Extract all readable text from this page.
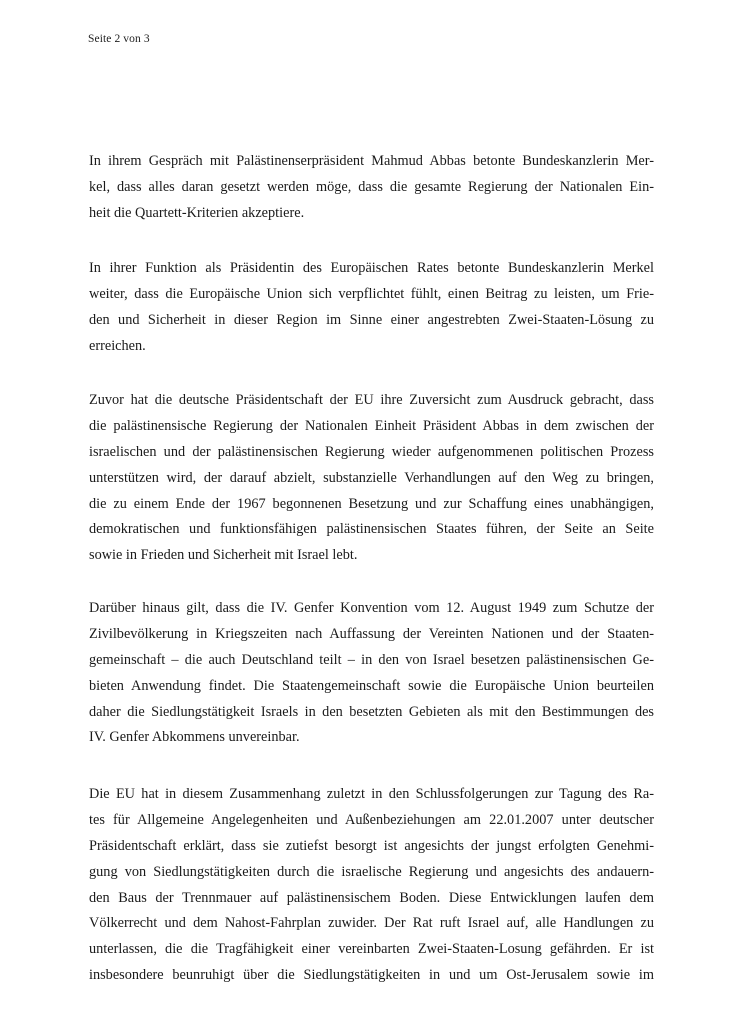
Seite 2 von 3
In ihrem Gespräch mit Palästinenserpräsident Mahmud Abbas betonte Bundeskanzlerin Mer-
kel, dass alles daran gesetzt werden möge, dass die gesamte Regierung der Nationalen Ein-
heit die Quartett-Kriterien akzeptiere.
In ihrer Funktion als Präsidentin des Europäischen Rates betonte Bundeskanzlerin Merkel
weiter, dass die Europäische Union sich verpflichtet fühlt, einen Beitrag zu leisten, um Frie-
den und Sicherheit in dieser Region im Sinne einer angestrebten Zwei-Staaten-Lösung zu
erreichen.
Zuvor hat die deutsche Präsidentschaft der EU ihre Zuversicht zum Ausdruck gebracht, dass
die palästinensische Regierung der Nationalen Einheit Präsident Abbas in dem zwischen der
israelischen und der palästinensischen Regierung wieder aufgenommenen politischen Prozess
unterstützen wird, der darauf abzielt, substanzielle Verhandlungen auf den Weg zu bringen,
die zu einem Ende der 1967 begonnenen Besetzung und zur Schaffung eines unabhängigen,
demokratischen und funktionsfähigen palästinensischen Staates führen, der Seite an Seite
sowie in Frieden und Sicherheit mit Israel lebt.
Darüber hinaus gilt, dass die IV. Genfer Konvention vom 12. August 1949 zum Schutze der
Zivilbevölkerung in Kriegszeiten nach Auffassung der Vereinten Nationen und der Staaten-
gemeinschaft – die auch Deutschland teilt – in den von Israel besetzen palästinensischen Ge-
bieten Anwendung findet. Die Staatengemeinschaft sowie die Europäische Union beurteilen
daher die Siedlungstätigkeit Israels in den besetzten Gebieten als mit den Bestimmungen des
IV. Genfer Abkommens unvereinbar.
Die EU hat in diesem Zusammenhang zuletzt in den Schlussfolgerungen zur Tagung des Ra-
tes für Allgemeine Angelegenheiten und Außenbeziehungen am 22.01.2007 unter deutscher
Präsidentschaft erklärt, dass sie zutiefst besorgt ist angesichts der jungst erfolgten Genehmi-
gung von Siedlungstätigkeiten durch die israelische Regierung und angesichts des andauern-
den Baus der Trennmauer auf palästinensischem Boden. Diese Entwicklungen laufen dem
Völkerrecht und dem Nahost-Fahrplan zuwider. Der Rat ruft Israel auf, alle Handlungen zu
unterlassen, die die Tragfähigkeit einer vereinbarten Zwei-Staaten-Losung gefährden. Er ist
insbesondere beunruhigt über die Siedlungstätigkeiten in und um Ost-Jerusalem sowie im
